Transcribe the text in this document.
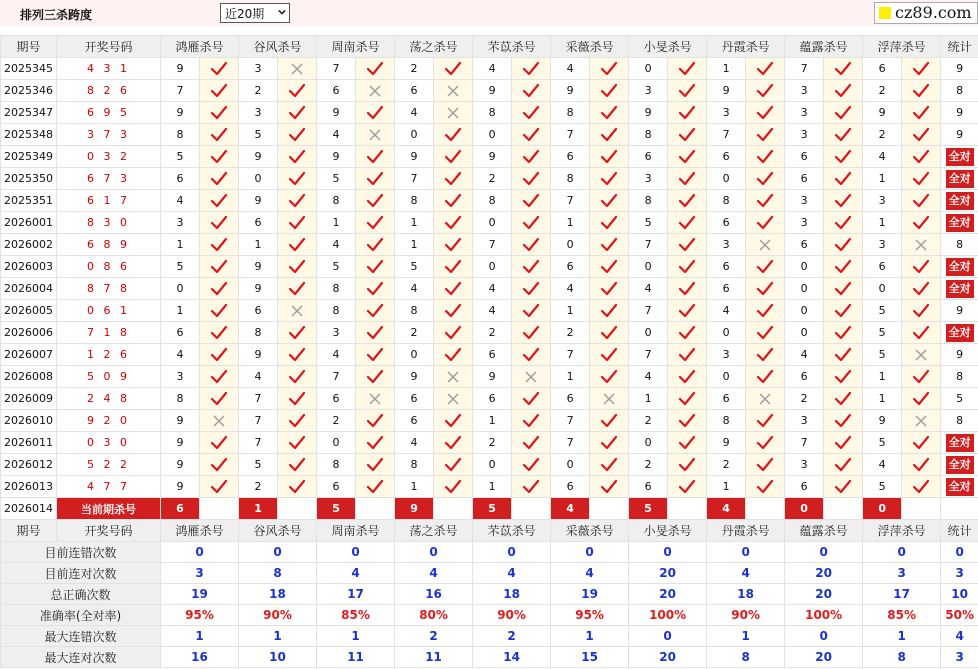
排列三杀跨度	近20期	cz89.com
期号	开奖号码	鸿雁杀号		谷风杀号		周南杀号		荡之杀号		芣苡杀号		采薇杀号		小旻杀号		丹霞杀号		蕴露杀号		浮萍杀号		统计
2025345	4 3 1	9		3		7		2		4		4		0		1		7		6		9
2025346	8 2 6	7		2		6		6		9		9		3		9		3		2		8
2025347	6 9 5	9		3		9		4		8		8		9		3		3		9		9
2025348	3 7 3	8		5		4		0		0		7		8		7		3		2		9
2025349	0 3 2	5		9		9		9		9		6		6		6		6		4		全对
2025350	6 7 3	6		0		5		7		2		8		3		0		6		1		全对
2025351	6 1 7	4		9		8		8		8		7		8		8		3		3		全对
2026001	8 3 0	3		6		1		1		0		1		5		6		3		1		全对
2026002	6 8 9	1		1		4		1		7		0		7		3		6		3		8
2026003	0 8 6	5		9		5		5		0		6		0		6		0		6		全对
2026004	8 7 8	0		9		8		4		4		4		4		6		0		0		全对
2026005	0 6 1	1		6		8		8		4		1		7		4		0		5		9
2026006	7 1 8	6		8		3		2		2		2		0		0		0		5		全对
2026007	1 2 6	4		9		4		0		6		7		7		3		4		5		9
2026008	5 0 9	3		4		7		9		9		1		4		0		6		1		8
2026009	2 4 8	8		7		6		6		6		6		1		6		2		1		5
2026010	9 2 0	9		7		2		6		1		7		2		8		3		9		8
2026011	0 3 0	9		7		0		4		2		7		0		9		7		5		全对
2026012	5 2 2	9		5		8		8		0		0		2		2		3		4		全对
2026013	4 7 7	9		2		6		1		1		6		6		1		6		5		全对
2026014	当前期杀号	6		1		5		9		5		4		5		4		0		0		
期号	开奖号码	鸿雁杀号		谷风杀号		周南杀号		荡之杀号		芣苡杀号		采薇杀号		小旻杀号		丹霞杀号		蕴露杀号		浮萍杀号		统计
目前连错次数		0		0		0		0		0		0		0		0		0		0		0
目前连对次数		3		8		4		4		4		4		20		4		20		3		3
总正确次数		19		18		17		16		18		19		20		18		20		17		10
准确率(全对率)		95%		90%		85%		80%		90%		95%		100%		90%		100%		85%		50%
最大连错次数		1		1		1		2		2		1		0		1		0		1		4
最大连对次数		16		10		11		11		14		15		20		8		20		8		3
